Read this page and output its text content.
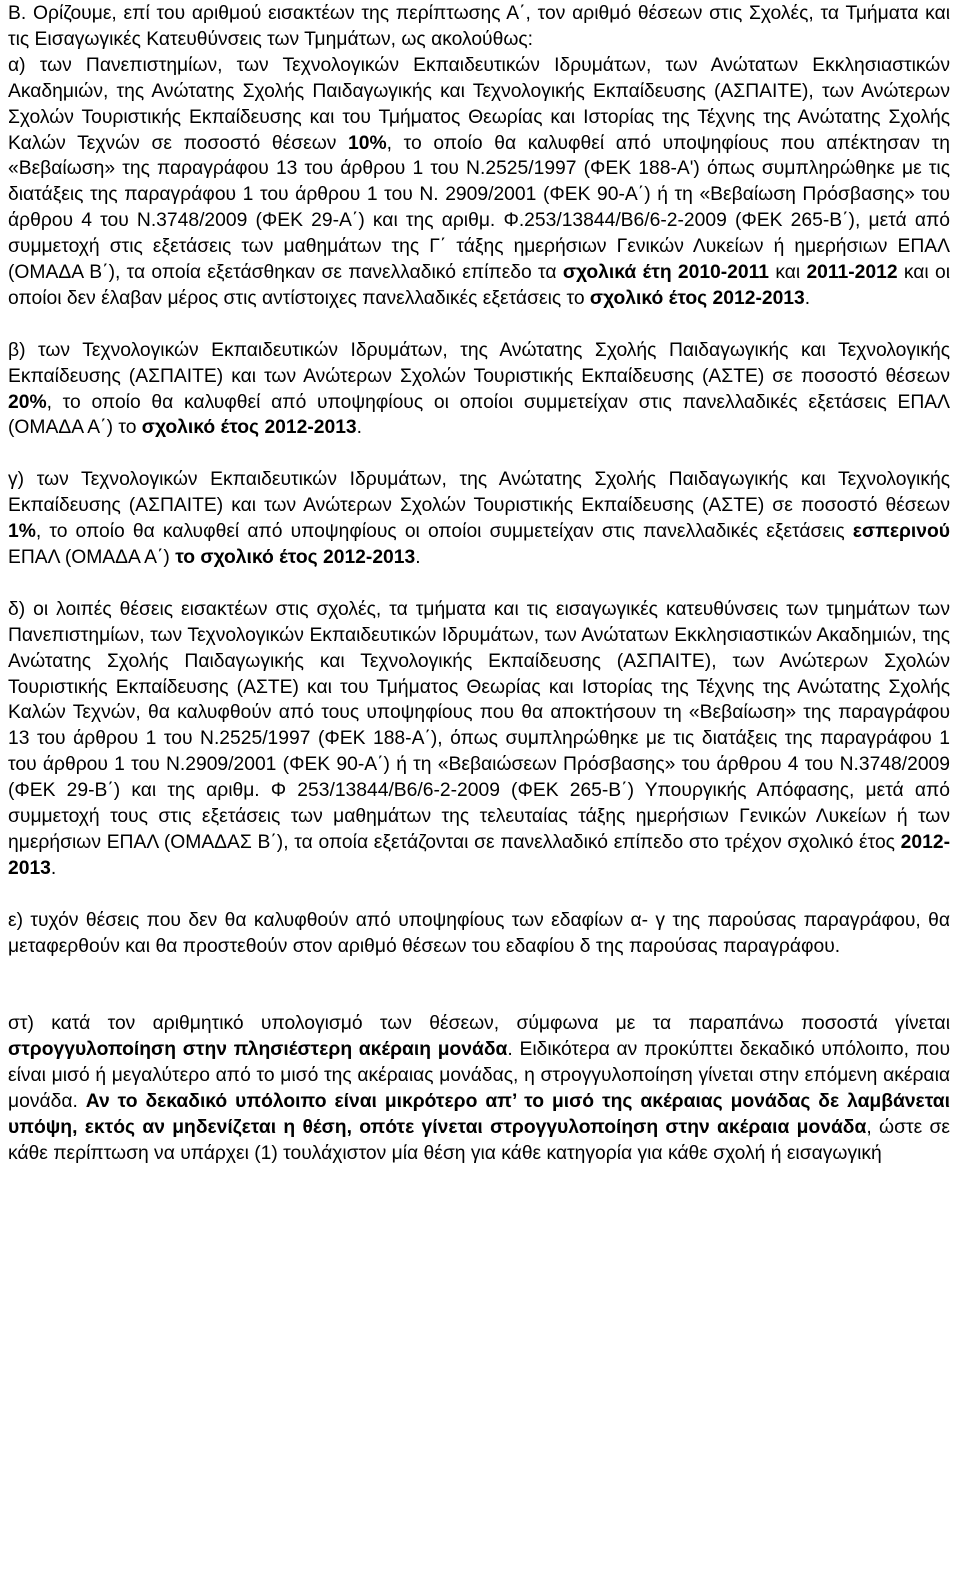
Β. Ορίζουμε, επί του αριθμού εισακτέων της περίπτωσης Α΄, τον αριθμό θέσεων στις Σχολές, τα Τμήματα και τις Εισαγωγικές Κατευθύνσεις των Τμημάτων, ως ακολούθως:

α) των Πανεπιστημίων, των Τεχνολογικών Εκπαιδευτικών Ιδρυμάτων, των Ανώτατων Εκκλησιαστικών Ακαδημιών, της Ανώτατης Σχολής Παιδαγωγικής και Τεχνολογικής Εκπαίδευσης (ΑΣΠΑΙΤΕ), των Ανώτερων Σχολών Τουριστικής Εκπαίδευσης και του Τμήματος Θεωρίας και Ιστορίας της Τέχνης της Ανώτατης Σχολής Καλών Τεχνών σε ποσοστό θέσεων 10%, το οποίο θα καλυφθεί από υποψηφίους που απέκτησαν τη «Βεβαίωση» της παραγράφου 13 του άρθρου 1 του Ν.2525/1997 (ΦΕΚ 188-Α') όπως συμπληρώθηκε με τις διατάξεις της παραγράφου 1 του άρθρου 1 του Ν. 2909/2001 (ΦΕΚ 90-Α΄) ή τη «Βεβαίωση Πρόσβασης» του άρθρου 4 του Ν.3748/2009 (ΦΕΚ 29-Α΄) και της αριθμ. Φ.253/13844/Β6/6-2-2009 (ΦΕΚ 265-Β΄), μετά από συμμετοχή στις εξετάσεις των μαθημάτων της Γ΄ τάξης ημερήσιων Γενικών Λυκείων ή ημερήσιων ΕΠΑΛ (ΟΜΑΔΑ Β΄), τα οποία εξετάσθηκαν σε πανελλαδικό επίπεδο τα σχολικά έτη 2010-2011 και 2011-2012 και οι οποίοι δεν έλαβαν μέρος στις αντίστοιχες πανελλαδικές εξετάσεις το σχολικό έτος 2012-2013.

β) των Τεχνολογικών Εκπαιδευτικών Ιδρυμάτων, της Ανώτατης Σχολής Παιδαγωγικής και Τεχνολογικής Εκπαίδευσης (ΑΣΠΑΙΤΕ) και των Ανώτερων Σχολών Τουριστικής Εκπαίδευσης (ΑΣΤΕ) σε ποσοστό θέσεων 20%, το οποίο θα καλυφθεί από υποψηφίους οι οποίοι συμμετείχαν στις πανελλαδικές εξετάσεις ΕΠΑΛ (ΟΜΑΔΑ Α΄) το σχολικό έτος 2012-2013.

γ) των Τεχνολογικών Εκπαιδευτικών Ιδρυμάτων, της Ανώτατης Σχολής Παιδαγωγικής και Τεχνολογικής Εκπαίδευσης (ΑΣΠΑΙΤΕ) και των Ανώτερων Σχολών Τουριστικής Εκπαίδευσης (ΑΣΤΕ) σε ποσοστό θέσεων 1%, το οποίο θα καλυφθεί από υποψηφίους οι οποίοι συμμετείχαν στις πανελλαδικές εξετάσεις εσπερινού ΕΠΑΛ (ΟΜΑΔΑ Α΄) το σχολικό έτος 2012-2013.

δ) οι λοιπές θέσεις εισακτέων στις σχολές, τα τμήματα και τις εισαγωγικές κατευθύνσεις των τμημάτων των Πανεπιστημίων, των Τεχνολογικών Εκπαιδευτικών Ιδρυμάτων, των Ανώτατων Εκκλησιαστικών Ακαδημιών, της Ανώτατης Σχολής Παιδαγωγικής και Τεχνολογικής Εκπαίδευσης (ΑΣΠΑΙΤΕ), των Ανώτερων Σχολών Τουριστικής Εκπαίδευσης (ΑΣΤΕ) και του Τμήματος Θεωρίας και Ιστορίας της Τέχνης της Ανώτατης Σχολής Καλών Τεχνών, θα καλυφθούν από τους υποψηφίους που θα αποκτήσουν τη «Βεβαίωση» της παραγράφου 13 του άρθρου 1 του Ν.2525/1997 (ΦΕΚ 188-Α΄), όπως συμπληρώθηκε με τις διατάξεις της παραγράφου 1 του άρθρου 1 του Ν.2909/2001 (ΦΕΚ 90-Α΄) ή τη «Βεβαιώσεων Πρόσβασης» του άρθρου 4 του Ν.3748/2009 (ΦΕΚ 29-Β΄) και της αριθμ. Φ 253/13844/Β6/6-2-2009 (ΦΕΚ 265-Β΄) Υπουργικής Απόφασης, μετά από συμμετοχή τους στις εξετάσεις των μαθημάτων της τελευταίας τάξης ημερήσιων Γενικών Λυκείων ή των ημερήσιων ΕΠΑΛ (ΟΜΑΔΑΣ Β΄), τα οποία εξετάζονται σε πανελλαδικό επίπεδο στο τρέχον σχολικό έτος 2012-2013.

ε) τυχόν θέσεις που δεν θα καλυφθούν από υποψηφίους των εδαφίων α- γ της παρούσας παραγράφου, θα μεταφερθούν και θα προστεθούν στον αριθμό θέσεων του εδαφίου δ της παρούσας παραγράφου.

στ) κατά τον αριθμητικό υπολογισμό των θέσεων, σύμφωνα με τα παραπάνω ποσοστά γίνεται στρογγυλοποίηση στην πλησιέστερη ακέραιη μονάδα. Ειδικότερα αν προκύπτει δεκαδικό υπόλοιπο, που είναι μισό ή μεγαλύτερο από το μισό της ακέραιας μονάδας, η στρογγυλοποίηση γίνεται στην επόμενη ακέραια μονάδα. Αν το δεκαδικό υπόλοιπο είναι μικρότερο απ’ το μισό της ακέραιας μονάδας δε λαμβάνεται υπόψη, εκτός αν μηδενίζεται η θέση, οπότε γίνεται στρογγυλοποίηση στην ακέραια μονάδα, ώστε σε κάθε περίπτωση να υπάρχει (1) τουλάχιστον μία θέση για κάθε κατηγορία για κάθε σχολή ή εισαγωγική
